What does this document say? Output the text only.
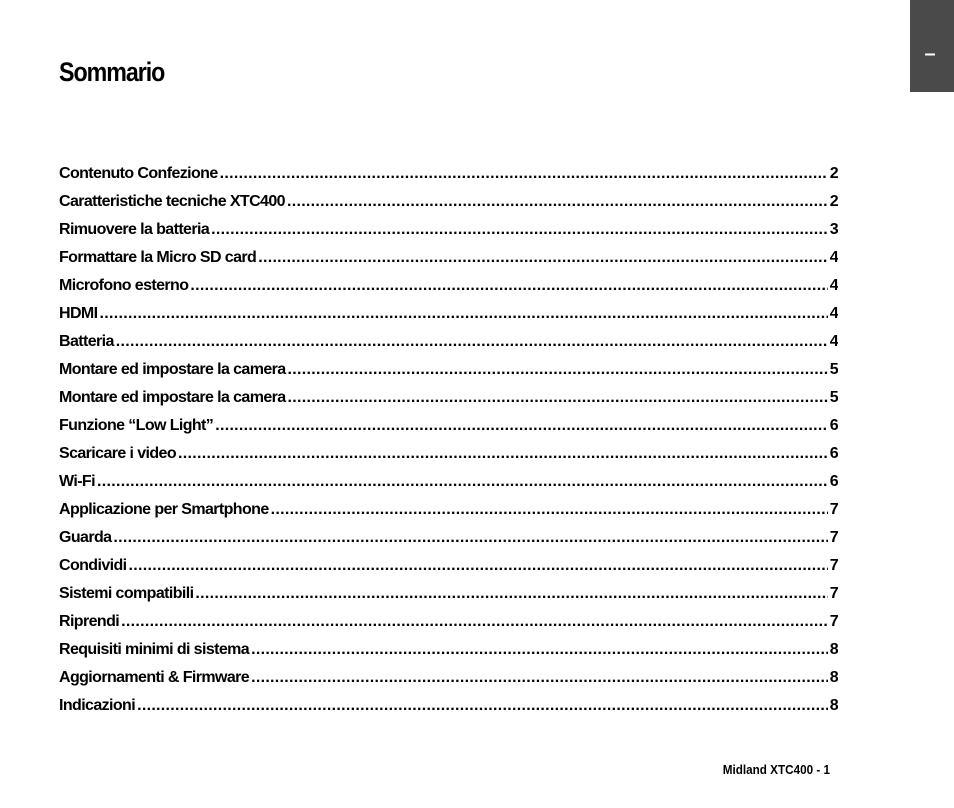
–
Sommario
Contenuto Confezione .....	2
Caratteristiche tecniche XTC400 .....	2
Rimuovere la batteria .....	3
Formattare la Micro SD card .....	4
Microfono esterno .....	4
HDMI .....	4
Batteria .....	4
Montare ed impostare la camera .....	5
Montare ed impostare la camera .....	5
Funzione “Low Light” .....	6
Scaricare i video .....	6
Wi-Fi .....	6
Applicazione per Smartphone .....	7
Guarda .....	7
Condividi .....	7
Sistemi compatibili .....	7
Riprendi .....	7
Requisiti minimi di sistema .....	8
Aggiornamenti & Firmware .....	8
Indicazioni .....	8
Midland XTC400 - 1
